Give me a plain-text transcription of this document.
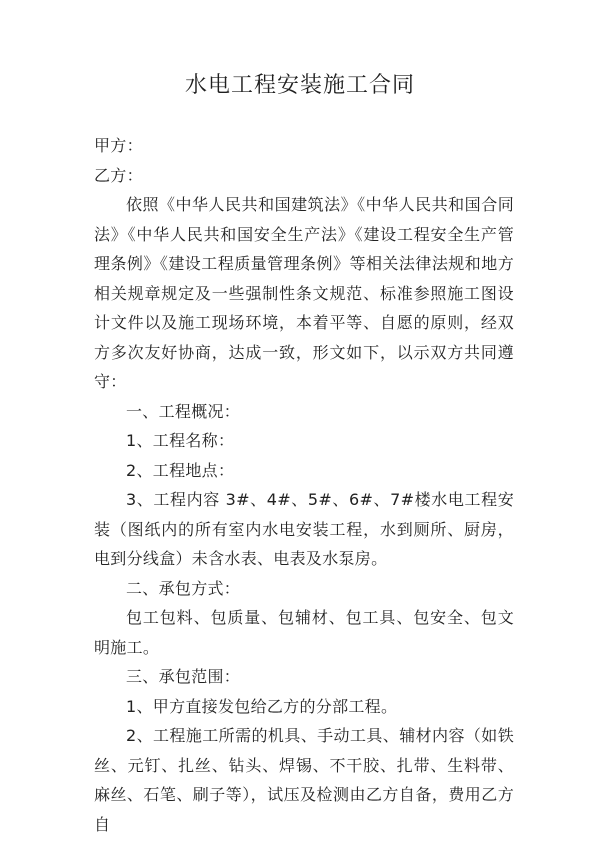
水电工程安装施工合同

甲方：

乙方：

依照《中华人民共和国建筑法》《中华人民共和国合同法》《中华人民共和国安全生产法》《建设工程安全生产管理条例》《建设工程质量管理条例》等相关法律法规和地方相关规章规定及一些强制性条文规范、标准参照施工图设计文件以及施工现场环境，本着平等、自愿的原则，经双方多次友好协商，达成一致，形文如下，以示双方共同遵守：

一、工程概况：

1、工程名称：

2、工程地点：

3、工程内容 3#、4#、5#、6#、7#楼水电工程安装（图纸内的所有室内水电安装工程，水到厕所、厨房，电到分线盒）未含水表、电表及水泵房。

二、承包方式：

包工包料、包质量、包辅材、包工具、包安全、包文明施工。

三、承包范围：

1、甲方直接发包给乙方的分部工程。

2、工程施工所需的机具、手动工具、辅材内容（如铁丝、元钉、扎丝、钻头、焊锡、不干胶、扎带、生料带、麻丝、石笔、刷子等），试压及检测由乙方自备，费用乙方自
